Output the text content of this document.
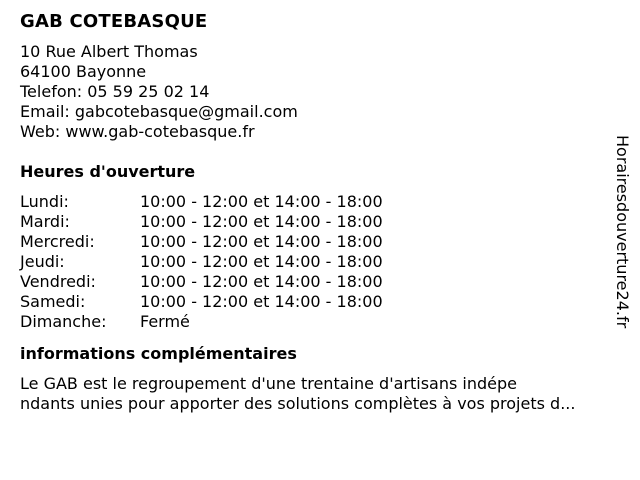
GAB COTEBASQUE
10 Rue Albert Thomas
64100 Bayonne
Telefon: 05 59 25 02 14
Email: gabcotebasque@gmail.com
Web: www.gab-cotebasque.fr
Heures d'ouverture
Lundi:	10:00 - 12:00 et 14:00 - 18:00
Mardi:	10:00 - 12:00 et 14:00 - 18:00
Mercredi:	10:00 - 12:00 et 14:00 - 18:00
Jeudi:	10:00 - 12:00 et 14:00 - 18:00
Vendredi:	10:00 - 12:00 et 14:00 - 18:00
Samedi:	10:00 - 12:00 et 14:00 - 18:00
Dimanche:	Fermé
informations complémentaires
Le GAB est le regroupement d'une trentaine d'artisans indépe
ndants unies pour apporter des solutions complètes à vos projets d...
Horairesdouverture24.fr
